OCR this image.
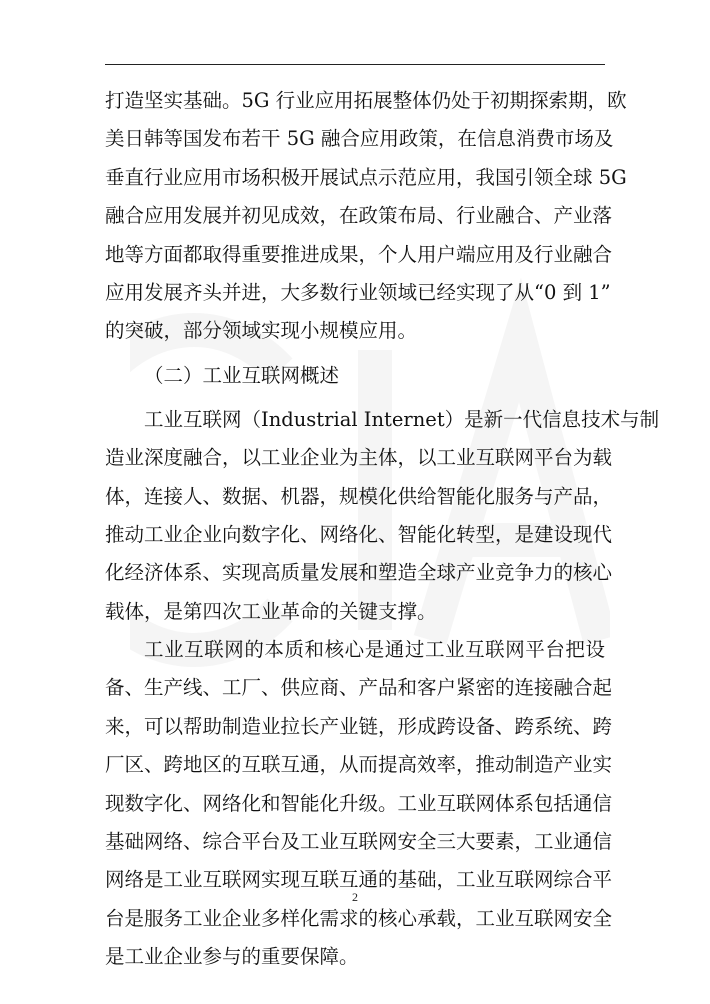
打造坚实基础。5G 行业应用拓展整体仍处于初期探索期，欧
美日韩等国发布若干 5G 融合应用政策，在信息消费市场及
垂直行业应用市场积极开展试点示范应用，我国引领全球 5G
融合应用发展并初见成效，在政策布局、行业融合、产业落
地等方面都取得重要推进成果，个人用户端应用及行业融合
应用发展齐头并进，大多数行业领域已经实现了从“0 到 1”
的突破，部分领域实现小规模应用。
（二）工业互联网概述
工业互联网（Industrial Internet）是新一代信息技术与制
造业深度融合，以工业企业为主体，以工业互联网平台为载
体，连接人、数据、机器，规模化供给智能化服务与产品，
推动工业企业向数字化、网络化、智能化转型，是建设现代
化经济体系、实现高质量发展和塑造全球产业竞争力的核心
载体，是第四次工业革命的关键支撑。
工业互联网的本质和核心是通过工业互联网平台把设
备、生产线、工厂、供应商、产品和客户紧密的连接融合起
来，可以帮助制造业拉长产业链，形成跨设备、跨系统、跨
厂区、跨地区的互联互通，从而提高效率，推动制造产业实
现数字化、网络化和智能化升级。工业互联网体系包括通信
基础网络、综合平台及工业互联网安全三大要素，工业通信
网络是工业互联网实现互联互通的基础，工业互联网综合平
台是服务工业企业多样化需求的核心承载，工业互联网安全
是工业企业参与的重要保障。
2
